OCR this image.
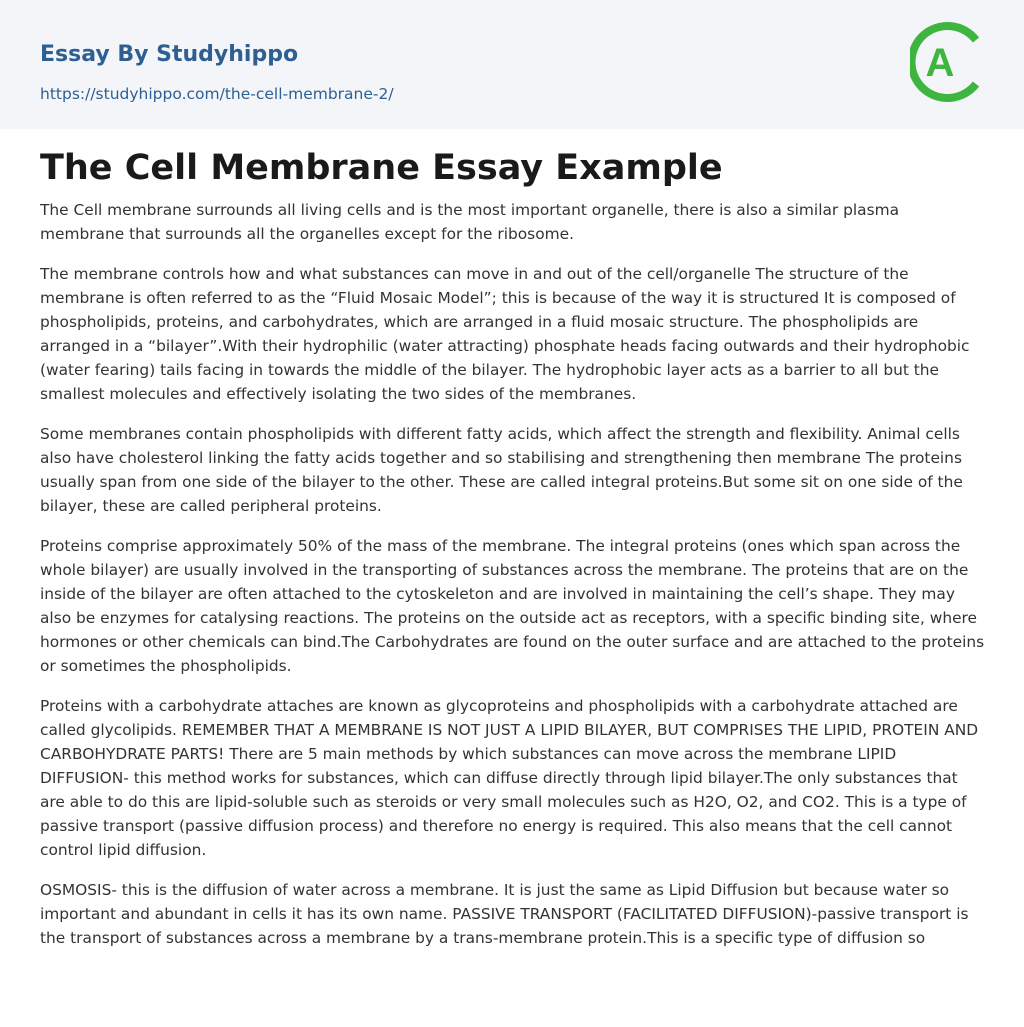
Essay By Studyhippo
https://studyhippo.com/the-cell-membrane-2/
A
The Cell Membrane Essay Example

The Cell membrane surrounds all living cells and is the most important organelle, there is also a similar plasma membrane that surrounds all the organelles except for the ribosome.

The membrane controls how and what substances can move in and out of the cell/organelle The structure of the membrane is often referred to as the “Fluid Mosaic Model”; this is because of the way it is structured It is composed of phospholipids, proteins, and carbohydrates, which are arranged in a fluid mosaic structure. The phospholipids are arranged in a “bilayer”.With their hydrophilic (water attracting) phosphate heads facing outwards and their hydrophobic (water fearing) tails facing in towards the middle of the bilayer. The hydrophobic layer acts as a barrier to all but the smallest molecules and effectively isolating the two sides of the membranes.

Some membranes contain phospholipids with different fatty acids, which affect the strength and flexibility. Animal cells also have cholesterol linking the fatty acids together and so stabilising and strengthening then membrane The proteins usually span from one side of the bilayer to the other. These are called integral proteins.But some sit on one side of the bilayer, these are called peripheral proteins.

Proteins comprise approximately 50% of the mass of the membrane. The integral proteins (ones which span across the whole bilayer) are usually involved in the transporting of substances across the membrane. The proteins that are on the inside of the bilayer are often attached to the cytoskeleton and are involved in maintaining the cell’s shape. They may also be enzymes for catalysing reactions. The proteins on the outside act as receptors, with a specific binding site, where hormones or other chemicals can bind.The Carbohydrates are found on the outer surface and are attached to the proteins or sometimes the phospholipids.

Proteins with a carbohydrate attaches are known as glycoproteins and phospholipids with a carbohydrate attached are called glycolipids. REMEMBER THAT A MEMBRANE IS NOT JUST A LIPID BILAYER, BUT COMPRISES THE LIPID, PROTEIN AND CARBOHYDRATE PARTS! There are 5 main methods by which substances can move across the membrane LIPID DIFFUSION- this method works for substances, which can diffuse directly through lipid bilayer.The only substances that are able to do this are lipid-soluble such as steroids or very small molecules such as H2O, O2, and CO2. This is a type of passive transport (passive diffusion process) and therefore no energy is required. This also means that the cell cannot control lipid diffusion.

OSMOSIS- this is the diffusion of water across a membrane. It is just the same as Lipid Diffusion but because water so important and abundant in cells it has its own name. PASSIVE TRANSPORT (FACILITATED DIFFUSION)-passive transport is the transport of substances across a membrane by a trans-membrane protein.This is a specific type of diffusion so
